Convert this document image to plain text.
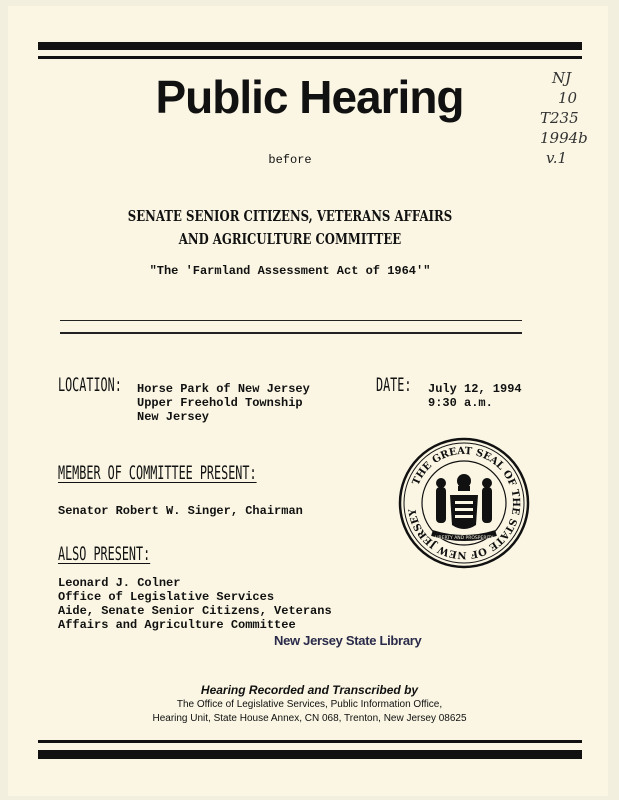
Public Hearing	NJ
10
T235
1994b
v.1
before
SENATE SENIOR CITIZENS, VETERANS AFFAIRS
AND AGRICULTURE COMMITTEE
"The 'Farmland Assessment Act of 1964'"
LOCATION: Horse Park of New Jersey
Upper Freehold Township
New Jersey
DATE: July 12, 1994
9:30 a.m.
MEMBER OF COMMITTEE PRESENT:
Senator Robert W. Singer, Chairman
ALSO PRESENT:
Leonard J. Colner
Office of Legislative Services
Aide, Senate Senior Citizens, Veterans
Affairs and Agriculture Committee
New Jersey State Library
THE GREAT SEAL OF THE STATE OF NEW JERSEY
LIBERTY AND PROSPERITY
Hearing Recorded and Transcribed by
The Office of Legislative Services, Public Information Office,
Hearing Unit, State House Annex, CN 068, Trenton, New Jersey 08625
